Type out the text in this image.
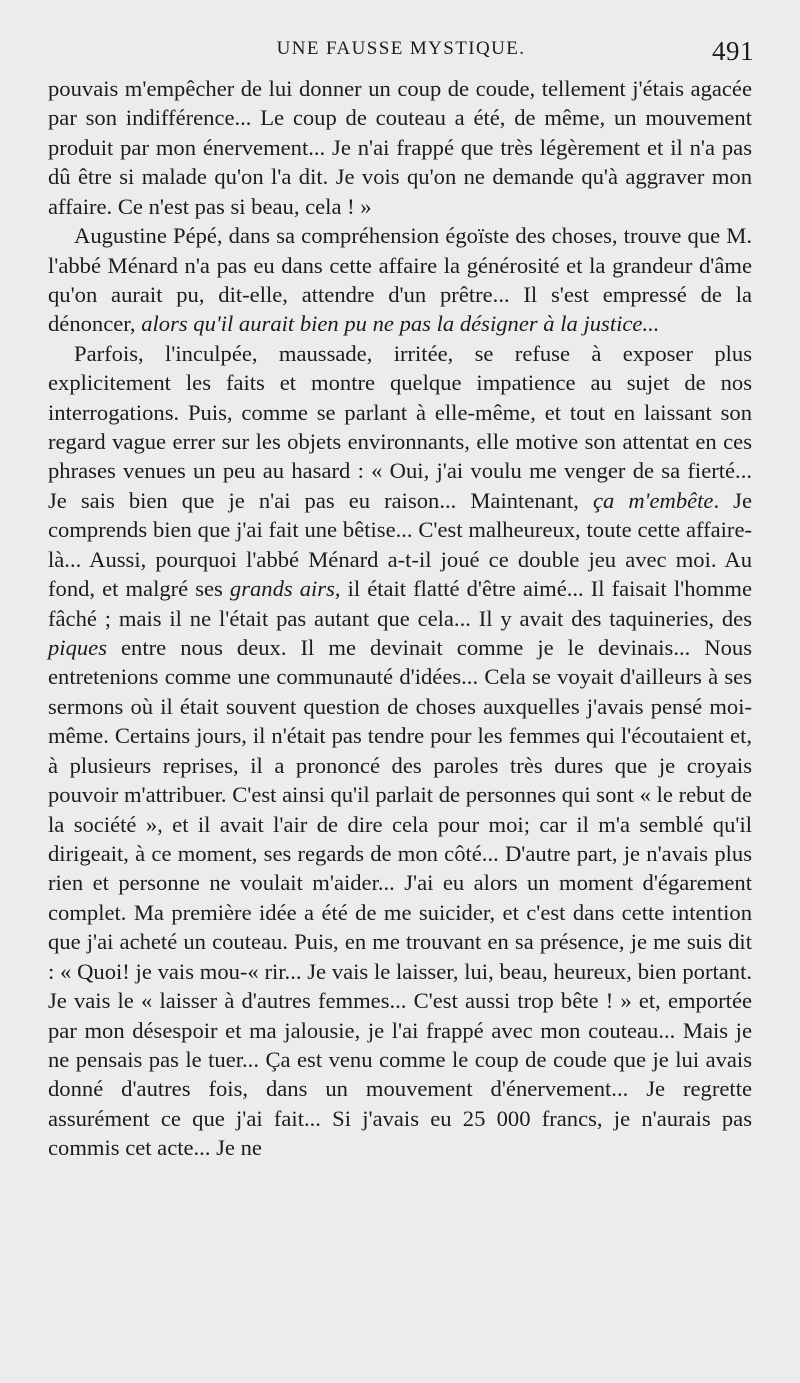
UNE FAUSSE MYSTIQUE.	491

pouvais m'empêcher de lui donner un coup de coude, tellement j'étais agacée par son indifférence... Le coup de couteau a été, de même, un mouvement produit par mon énervement... Je n'ai frappé que très légèrement et il n'a pas dû être si malade qu'on l'a dit. Je vois qu'on ne demande qu'à aggraver mon affaire. Ce n'est pas si beau, cela ! »

Augustine Pépé, dans sa compréhension égoïste des choses, trouve que M. l'abbé Ménard n'a pas eu dans cette affaire la générosité et la grandeur d'âme qu'on aurait pu, dit-elle, attendre d'un prêtre... Il s'est empressé de la dénoncer, alors qu'il aurait bien pu ne pas la désigner à la justice...

Parfois, l'inculpée, maussade, irritée, se refuse à exposer plus explicitement les faits et montre quelque impatience au sujet de nos interrogations. Puis, comme se parlant à elle-même, et tout en laissant son regard vague errer sur les objets environnants, elle motive son attentat en ces phrases venues un peu au hasard : « Oui, j'ai voulu me venger de sa fierté... Je sais bien que je n'ai pas eu raison... Maintenant, ça m'embête. Je comprends bien que j'ai fait une bêtise... C'est malheureux, toute cette affaire-là... Aussi, pourquoi l'abbé Ménard a-t-il joué ce double jeu avec moi. Au fond, et malgré ses grands airs, il était flatté d'être aimé... Il faisait l'homme fâché ; mais il ne l'était pas autant que cela... Il y avait des taquineries, des piques entre nous deux. Il me devinait comme je le devinais... Nous entretenions comme une communauté d'idées... Cela se voyait d'ailleurs à ses sermons où il était souvent question de choses auxquelles j'avais pensé moi-même. Certains jours, il n'était pas tendre pour les femmes qui l'écoutaient et, à plusieurs reprises, il a prononcé des paroles très dures que je croyais pouvoir m'attribuer. C'est ainsi qu'il parlait de personnes qui sont « le rebut de la société », et il avait l'air de dire cela pour moi; car il m'a semblé qu'il dirigeait, à ce moment, ses regards de mon côté... D'autre part, je n'avais plus rien et personne ne voulait m'aider... J'ai eu alors un moment d'égarement complet. Ma première idée a été de me suicider, et c'est dans cette intention que j'ai acheté un couteau. Puis, en me trouvant en sa présence, je me suis dit : « Quoi! je vais mou-« rir... Je vais le laisser, lui, beau, heureux, bien portant. Je vais le « laisser à d'autres femmes... C'est aussi trop bête ! » et, emportée par mon désespoir et ma jalousie, je l'ai frappé avec mon couteau... Mais je ne pensais pas le tuer... Ça est venu comme le coup de coude que je lui avais donné d'autres fois, dans un mouvement d'énervement... Je regrette assurément ce que j'ai fait... Si j'avais eu 25 000 francs, je n'aurais pas commis cet acte... Je ne
